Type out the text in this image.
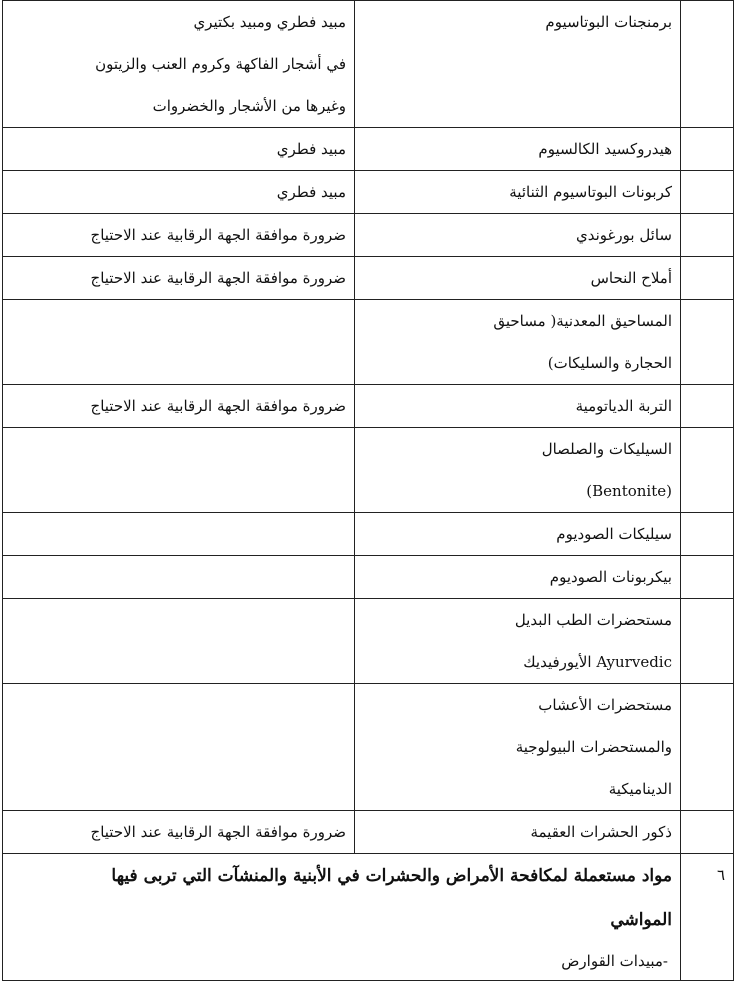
	برمنجنات البوتاسيوم	مبيد فطري ومبيد بكتيري
في أشجار الفاكهة وكروم العنب والزيتون
وغيرها من الأشجار والخضروات

	هيدروكسيد الكالسيوم	مبيد فطري

	كربونات البوتاسيوم الثنائية	مبيد فطري

	سائل بورغوندي	ضرورة موافقة الجهة الرقابية عند الاحتياج

	أملاح النحاس	ضرورة موافقة الجهة الرقابية عند الاحتياج

	المساحيق المعدنية( مساحيق
الحجارة والسليكات)	

	التربة الدياتومية	ضرورة موافقة الجهة الرقابية عند الاحتياج

	السيليكات والصلصال
(Bentonite)	

	سيليكات الصوديوم	

	بيكربونات الصوديوم	

	مستحضرات الطب البديل
Ayurvedic الأيورفيديك	

	مستحضرات الأعشاب
والمستحضرات البيولوجية
الديناميكية	

	ذكور الحشرات العقيمة	ضرورة موافقة الجهة الرقابية عند الاحتياج

٦	مواد مستعملة لمكافحة الأمراض والحشرات في الأبنية والمنشآت التي تربى فيها
المواشي
-مبيدات القوارض	
